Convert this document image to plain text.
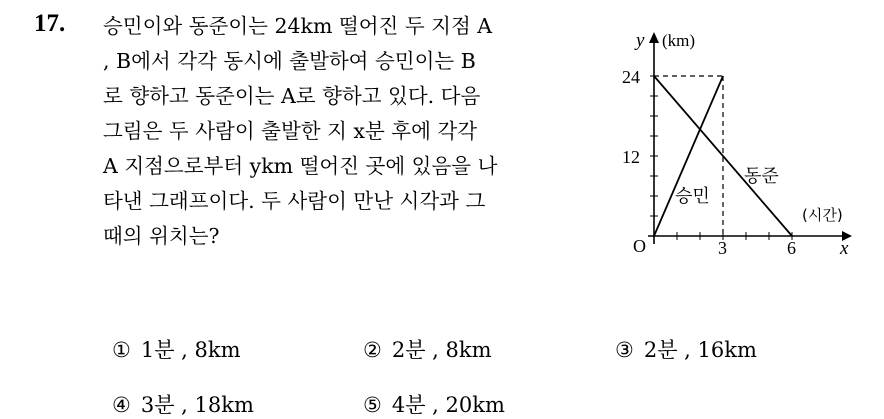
17. 승민이와 동준이는 24km 떨어진 두 지점 A
, B에서 각각 동시에 출발하여 승민이는 B
로 향하고 동준이는 A로 향하고 있다. 다음
그림은 두 사람이 출발한 지 x분 후에 각각
A 지점으로부터 ykm 떨어진 곳에 있음을 나
타낸 그래프이다. 두 사람이 만난 시각과 그
때의 위치는?
y (km)
24
12
O	3	6 x
(시간)
승민
동준
① 1분 , 8km	② 2분 , 8km	③ 2분 , 16km
④ 3분 , 18km	⑤ 4분 , 20km
